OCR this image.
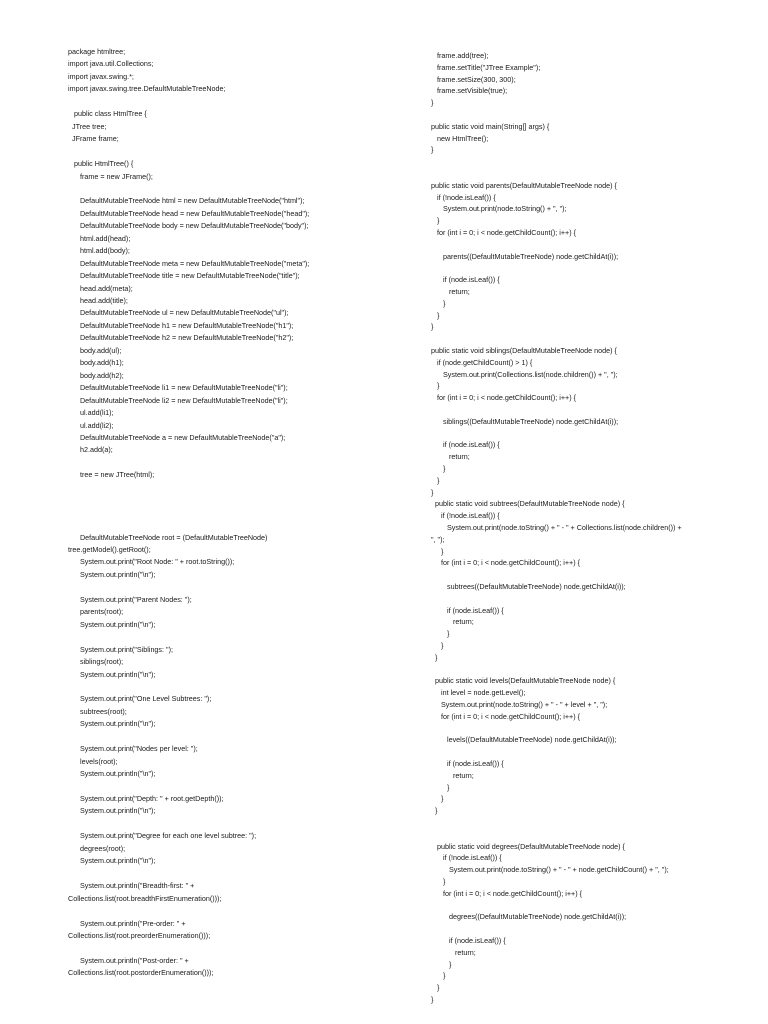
package htmltree;
import java.util.Collections;
import javax.swing.*;
import javax.swing.tree.DefaultMutableTreeNode;
public class HtmlTree {
JTree tree;
JFrame frame;
public HtmlTree() {
frame = new JFrame();
DefaultMutableTreeNode html = new DefaultMutableTreeNode("html");
DefaultMutableTreeNode head = new DefaultMutableTreeNode("head");
DefaultMutableTreeNode body = new DefaultMutableTreeNode("body");
html.add(head);
html.add(body);
DefaultMutableTreeNode meta = new DefaultMutableTreeNode("meta");
DefaultMutableTreeNode title = new DefaultMutableTreeNode("title");
head.add(meta);
head.add(title);
DefaultMutableTreeNode ul = new DefaultMutableTreeNode("ul");
DefaultMutableTreeNode h1 = new DefaultMutableTreeNode("h1");
DefaultMutableTreeNode h2 = new DefaultMutableTreeNode("h2");
body.add(ul);
body.add(h1);
body.add(h2);
DefaultMutableTreeNode li1 = new DefaultMutableTreeNode("li");
DefaultMutableTreeNode li2 = new DefaultMutableTreeNode("li");
ul.add(li1);
ul.add(li2);
DefaultMutableTreeNode a = new DefaultMutableTreeNode("a");
h2.add(a);
tree = new JTree(html);
DefaultMutableTreeNode root = (DefaultMutableTreeNode)
tree.getModel().getRoot();
System.out.print("Root Node: " + root.toString());
System.out.println("\n");
System.out.print("Parent Nodes: ");
parents(root);
System.out.println("\n");
System.out.print("Siblings: ");
siblings(root);
System.out.println("\n");
System.out.print("One Level Subtrees: ");
subtrees(root);
System.out.println("\n");
System.out.print("Nodes per level: ");
levels(root);
System.out.println("\n");
System.out.print("Depth: " + root.getDepth());
System.out.println("\n");
System.out.print("Degree for each one level subtree: ");
degrees(root);
System.out.println("\n");
System.out.println("Breadth-first: " +
Collections.list(root.breadthFirstEnumeration()));
System.out.println("Pre-order: " +
Collections.list(root.preorderEnumeration()));
System.out.println("Post-order: " +
Collections.list(root.postorderEnumeration()));
frame.add(tree);
frame.setTitle("JTree Example");
frame.setSize(300, 300);
frame.setVisible(true);
}
public static void main(String[] args) {
new HtmlTree();
}
public static void parents(DefaultMutableTreeNode node) {
if (!node.isLeaf()) {
System.out.print(node.toString() + ", ");
}
for (int i = 0; i < node.getChildCount(); i++) {
parents((DefaultMutableTreeNode) node.getChildAt(i));
if (node.isLeaf()) {
return;
}
}
}
public static void siblings(DefaultMutableTreeNode node) {
if (node.getChildCount() > 1) {
System.out.print(Collections.list(node.children()) + ", ");
}
for (int i = 0; i < node.getChildCount(); i++) {
siblings((DefaultMutableTreeNode) node.getChildAt(i));
if (node.isLeaf()) {
return;
}
}
}
public static void subtrees(DefaultMutableTreeNode node) {
if (!node.isLeaf()) {
System.out.print(node.toString() + " - " + Collections.list(node.children()) +
", ");
}
for (int i = 0; i < node.getChildCount(); i++) {
subtrees((DefaultMutableTreeNode) node.getChildAt(i));
if (node.isLeaf()) {
return;
}
}
}
public static void levels(DefaultMutableTreeNode node) {
int level = node.getLevel();
System.out.print(node.toString() + " - " + level + ", ");
for (int i = 0; i < node.getChildCount(); i++) {
levels((DefaultMutableTreeNode) node.getChildAt(i));
if (node.isLeaf()) {
return;
}
}
}
public static void degrees(DefaultMutableTreeNode node) {
if (!node.isLeaf()) {
System.out.print(node.toString() + " - " + node.getChildCount() + ", ");
}
for (int i = 0; i < node.getChildCount(); i++) {
degrees((DefaultMutableTreeNode) node.getChildAt(i));
if (node.isLeaf()) {
return;
}
}
}
}
